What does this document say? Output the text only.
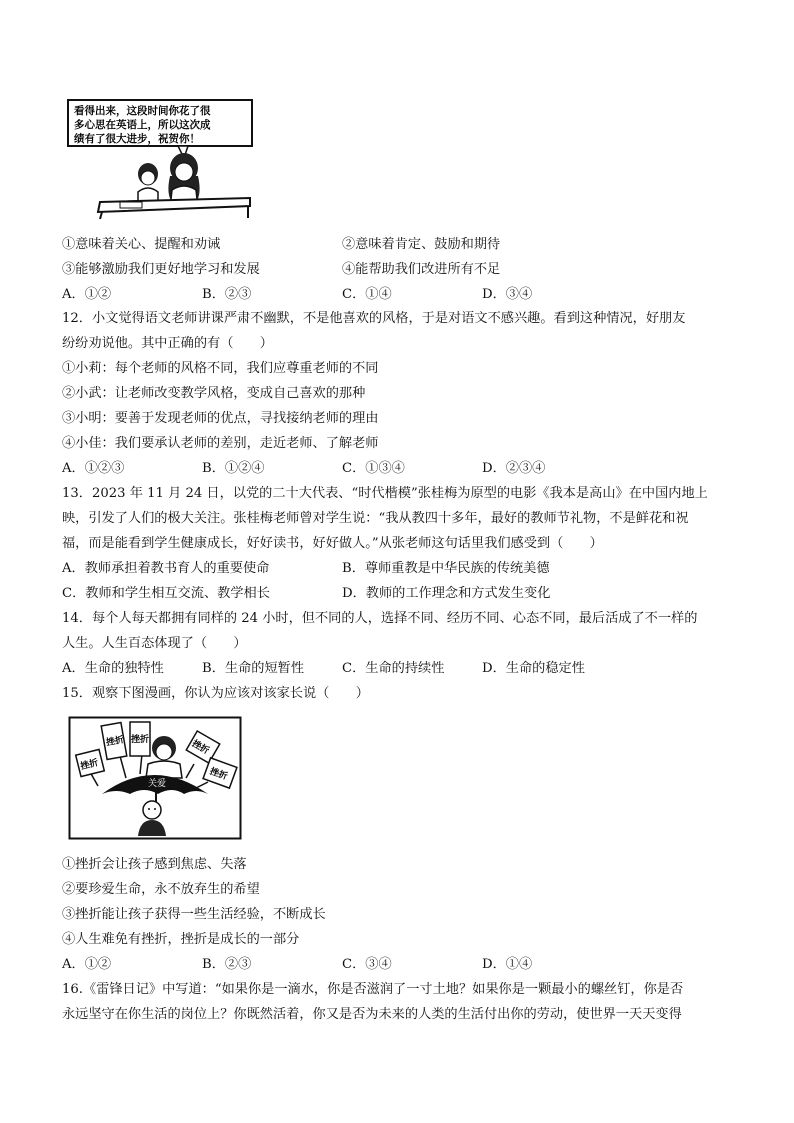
看得出来，这段时间你花了很
多心思在英语上，所以这次成
绩有了很大进步，祝贺你！
①意味着关心、提醒和劝诫	②意味着肯定、鼓励和期待
③能够激励我们更好地学习和发展	④能帮助我们改进所有不足
A．①②	B．②③	C．①④	D．③④
12．小文觉得语文老师讲课严肃不幽默，不是他喜欢的风格，于是对语文不感兴趣。看到这种情况，好朋友
纷纷劝说他。其中正确的有（　　）
①小莉：每个老师的风格不同，我们应尊重老师的不同
②小武：让老师改变教学风格，变成自己喜欢的那种
③小明：要善于发现老师的优点，寻找接纳老师的理由
④小佳：我们要承认老师的差别，走近老师、了解老师
A．①②③	B．①②④	C．①③④	D．②③④
13．2023 年 11 月 24 日，以党的二十大代表、“时代楷模”张桂梅为原型的电影《我本是高山》在中国内地上
映，引发了人们的极大关注。张桂梅老师曾对学生说：“我从教四十多年，最好的教师节礼物，不是鲜花和祝
福，而是能看到学生健康成长，好好读书，好好做人。”从张老师这句话里我们感受到（　　）
A．教师承担着教书育人的重要使命	B．尊师重教是中华民族的传统美德
C．教师和学生相互交流、教学相长	D．教师的工作理念和方式发生变化
14．每个人每天都拥有同样的 24 小时，但不同的人，选择不同、经历不同、心态不同，最后活成了不一样的
人生。人生百态体现了（　　）
A．生命的独特性	B．生命的短暂性	C．生命的持续性	D．生命的稳定性
15．观察下图漫画，你认为应该对该家长说（　　）
挫折
挫折 挫折	挫折
挫折
关爱
①挫折会让孩子感到焦虑、失落
②要珍爱生命，永不放弃生的希望
③挫折能让孩子获得一些生活经验，不断成长
④人生难免有挫折，挫折是成长的一部分
A．①②	B．②③	C．③④	D．①④
16.《雷锋日记》中写道：“如果你是一滴水，你是否滋润了一寸土地？如果你是一颗最小的螺丝钉，你是否
永远坚守在你生活的岗位上？你既然活着，你又是否为未来的人类的生活付出你的劳动，使世界一天天变得
